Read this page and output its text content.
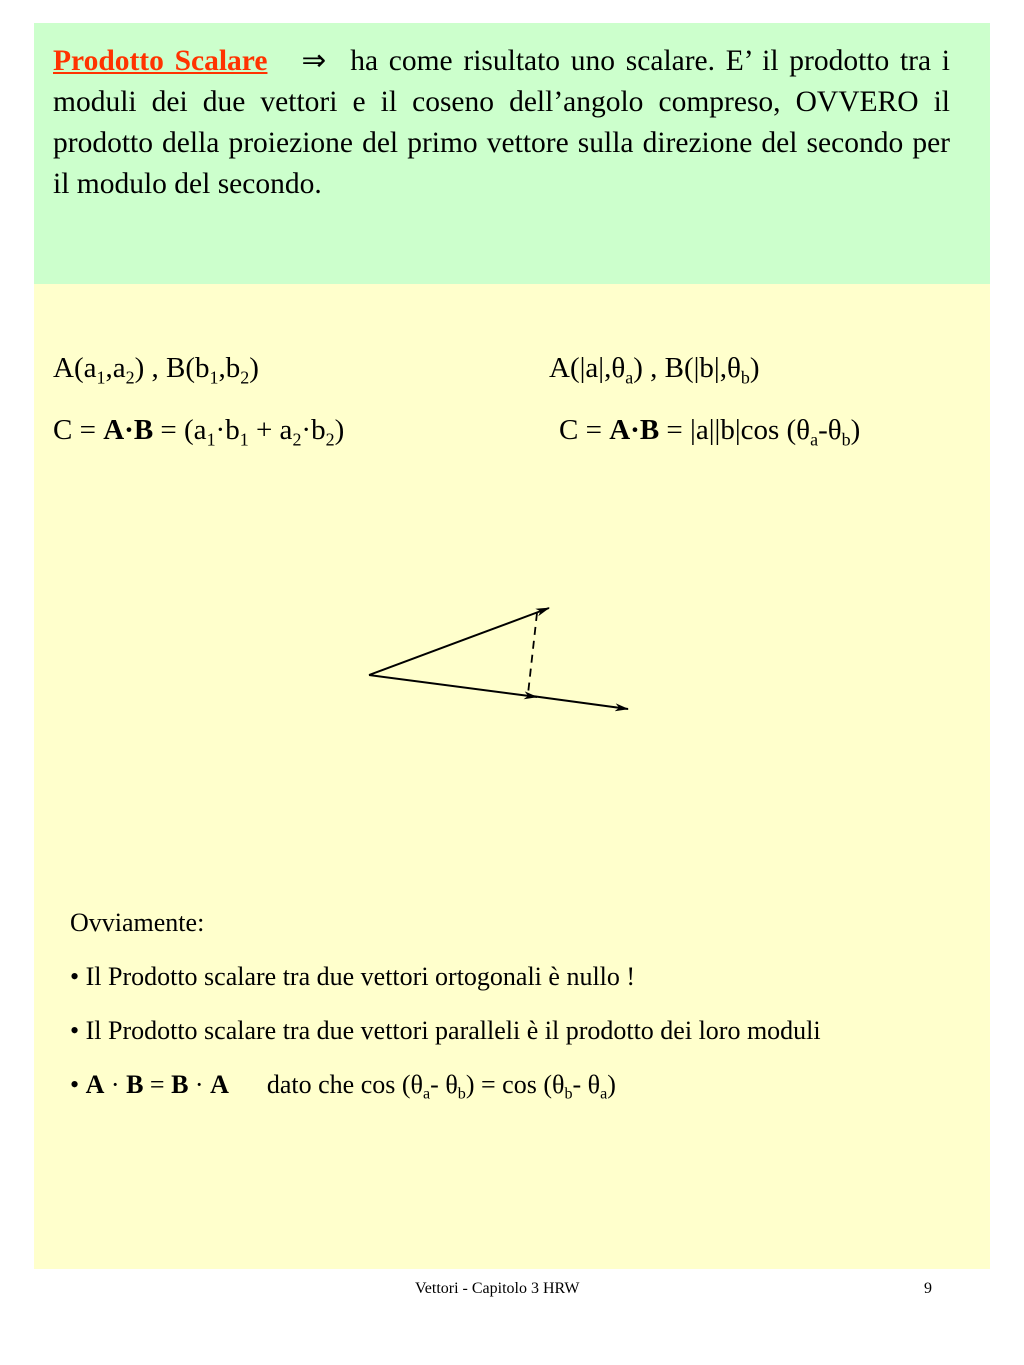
Prodotto Scalare ⇒ ha come risultato uno scalare. E’ il prodotto tra i moduli dei due vettori e il coseno dell’angolo compreso, OVVERO il prodotto della proiezione del primo vettore sulla direzione del secondo per il modulo del secondo.
$A(a_1,a_2)$ , $B(b_1,b_2)$	$A(|a|,\theta_a)$ , $B(|b|,\theta_b)$
$C = A\cdot B = (a_1\cdot b_1 + a_2\cdot b_2)$	C = A·B = |a||b|cos $(\theta_a-\theta_b)$

Ovviamente:

• Il Prodotto scalare tra due vettori ortogonali è nullo !

• Il Prodotto scalare tra due vettori paralleli è il prodotto dei loro moduli

• A · B = B · A dato che $\cos (\theta_a-$ $\theta_b) = \cos (\theta_b-$ $\theta_a$)

Vettori - Capitolo 3 HRW	9
